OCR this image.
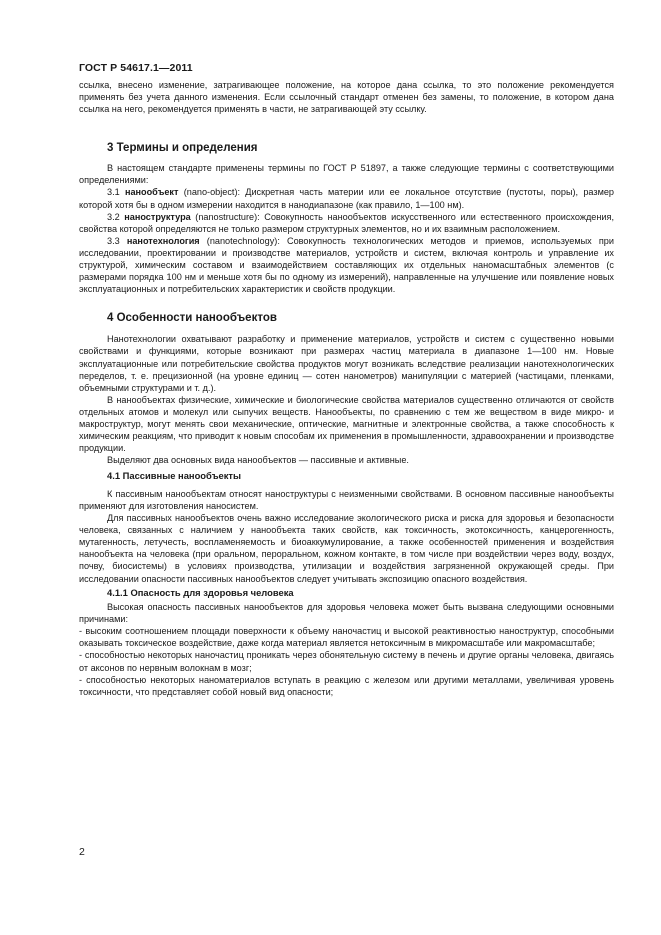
ГОСТ Р 54617.1—2011

ссылка, внесено изменение, затрагивающее положение, на которое дана ссылка, то это положение рекомендуется применять без учета данного изменения. Если ссылочный стандарт отменен без замены, то положение, в котором дана ссылка на него, рекомендуется применять в части, не затрагивающей эту ссылку.

3 Термины и определения

В настоящем стандарте применены термины по ГОСТ Р 51897, а также следующие термины с соответствующими определениями:

3.1 нанообъект (nano-object): Дискретная часть материи или ее локальное отсутствие (пустоты, поры), размер которой хотя бы в одном измерении находится в нанодиапазоне (как правило, 1—100 нм).

3.2 наноструктура (nanostructure): Совокупность нанообъектов искусственного или естественного происхождения, свойства которой определяются не только размером структурных элементов, но и их взаимным расположением.

3.3 нанотехнология (nanotechnology): Совокупность технологических методов и приемов, используемых при исследовании, проектировании и производстве материалов, устройств и систем, включая контроль и управление их структурой, химическим составом и взаимодействием составляющих их отдельных наномасштабных элементов (с размерами порядка 100 нм и меньше хотя бы по одному из измерений), направленные на улучшение или появление новых эксплуатационных и потребительских характеристик и свойств продукции.

4 Особенности нанообъектов

Нанотехнологии охватывают разработку и применение материалов, устройств и систем с существенно новыми свойствами и функциями, которые возникают при размерах частиц материала в диапазоне 1—100 нм. Новые эксплуатационные или потребительские свойства продуктов могут возникать вследствие реализации нанотехнологических переделов, т. е. прецизионной (на уровне единиц — сотен нанометров) манипуляции с материей (частицами, пленками, объемными структурами и т. д.).

В нанообъектах физические, химические и биологические свойства материалов существенно отличаются от свойств отдельных атомов и молекул или сыпучих веществ. Нанообъекты, по сравнению с тем же веществом в виде микро- и макроструктур, могут менять свои механические, оптические, магнитные и электронные свойства, а также способность к химическим реакциям, что приводит к новым способам их применения в промышленности, здравоохранении и производстве продукции.

Выделяют два основных вида нанообъектов — пассивные и активные.

4.1 Пассивные нанообъекты

К пассивным нанообъектам относят наноструктуры с неизменными свойствами. В основном пассивные нанообъекты применяют для изготовления наносистем.

Для пассивных нанообъектов очень важно исследование экологического риска и риска для здоровья и безопасности человека, связанных с наличием у нанообъекта таких свойств, как токсичность, экотоксичность, канцерогенность, мутагенность, летучесть, воспламеняемость и биоаккумулирование, а также особенностей применения и воздействия нанообъекта на человека (при оральном, пероральном, кожном контакте, в том числе при воздействии через воду, воздух, почву, биосистемы) в условиях производства, утилизации и воздействия загрязненной окружающей среды. При исследовании опасности пассивных нанообъектов следует учитывать экспозицию опасного воздействия.

4.1.1 Опасность для здоровья человека

Высокая опасность пассивных нанообъектов для здоровья человека может быть вызвана следующими основными причинами:

- высоким соотношением площади поверхности к объему наночастиц и высокой реактивностью наноструктур, способными оказывать токсическое воздействие, даже когда материал является нетоксичным в микромасштабе или макромасштабе;

- способностью некоторых наночастиц проникать через обонятельную систему в печень и другие органы человека, двигаясь от аксонов по нервным волокнам в мозг;

- способностью некоторых наноматериалов вступать в реакцию с железом или другими металлами, увеличивая уровень токсичности, что представляет собой новый вид опасности;

2
